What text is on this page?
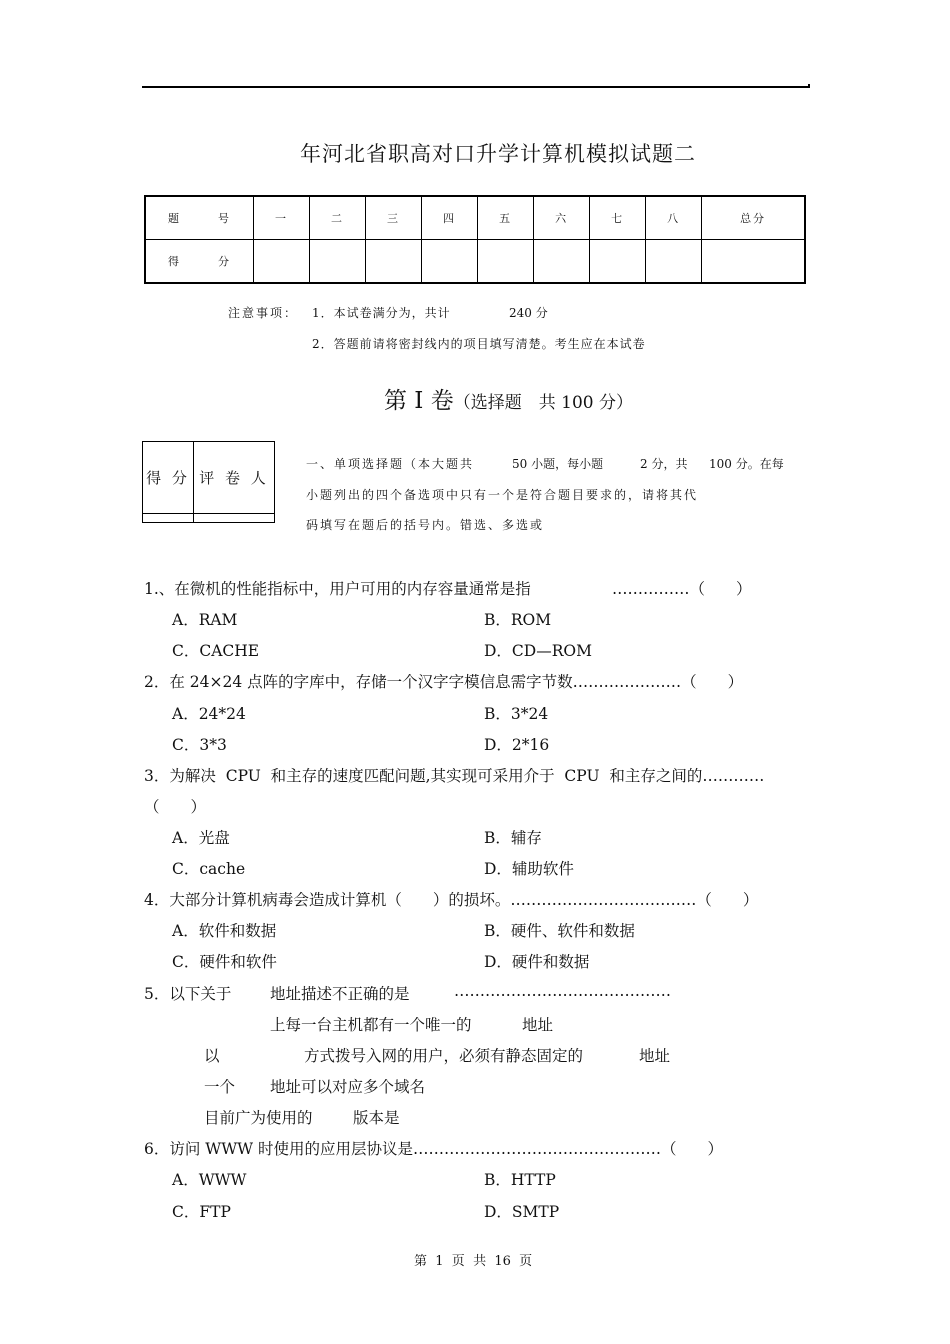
年河北省职高对口升学计算机模拟试题二
题　号	一	二	三	四	五	六	七	八	总分
得　分									
注意事项： 1．本试卷满分为，共计	240 分
2．答题前请将密封线内的项目填写清楚。考生应在本试卷
第 I 卷（选择题　共 100 分）
得 分	评 卷 人

一、单项选择题（本大题共	50 小题，每小题	2 分，共 100 分。在每
小题列出的四个备选项中只有一个是符合题目要求的，请将其代
码填写在题后的括号内。错选、多选或
1.、在微机的性能指标中，用户可用的内存容量通常是指	……………（　　）
A．RAM	B．ROM
C．CACHE	D．CD—ROM
2．在 24×24 点阵的字库中，存储一个汉字字模信息需字节数…………………（　　）
A．24*24	B．3*24
C．3*3	D．2*16
3．为解决  CPU  和主存的速度匹配问题,其实现可采用介于  CPU  和主存之间的…………
（　　）
A．光盘	B．辅存
C．cache	D．辅助软件
4．大部分计算机病毒会造成计算机（　　）的损坏。………………………………（　　）
A．软件和数据	B．硬件、软件和数据
C．硬件和软件	D．硬件和数据
5．以下关于 地址描述不正确的是	……………………………………
上每一台主机都有一个唯一的	地址
以	方式拨号入网的用户，必须有静态固定的	地址
一个 地址可以对应多个域名
目前广为使用的	版本是
6．访问 WWW 时使用的应用层协议是…………………………………………（　　）
A．WWW	B．HTTP
C．FTP	D．SMTP
第  1  页  共  16  页
